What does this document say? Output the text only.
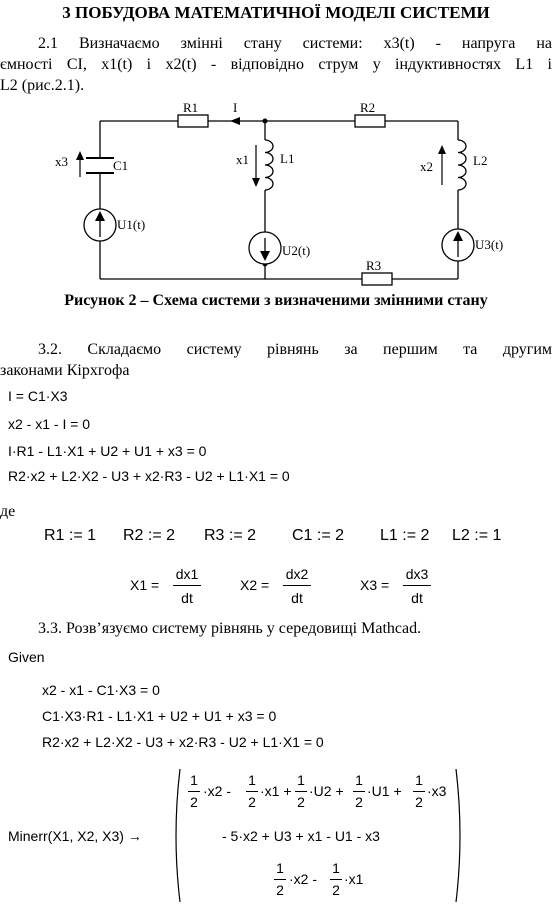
3 ПОБУДОВА МАТЕМАТИЧНОЇ МОДЕЛІ СИСТЕМИ
2.1 Визначаємо змінні стану системи: x3(t) - напруга на
ємності CI, x1(t) і x2(t) - відповідно струм у індуктивностях L1 і
L2 (рис.2.1).
R1	I	R2
R3
C1
x3	L1
x1	L2
x2
U1(t)
U2(t)	U3(t)
Рисунок 2 – Схема системи з визначеними змінними стану
3.2. Складаємо систему рівнянь за першим та другим
законами Кірхгофа
I = C1·X3
x2 - x1 - I = 0
I·R1 - L1·X1 + U2 + U1 + x3 = 0
R2·x2 + L2·X2 - U3 + x2·R3 - U2 + L1·X1 = 0
де
R1 := 1 R2 := 2 R3 := 2 C1 := 2 L1 := 2 L2 := 1
X1 =
dx1
dt
X2 =
dx2
dt
X3 =
dx3
dt
3.3. Розв’язуємо систему рівнянь у середовищі Mathcad.
Given
x2 - x1 - C1·X3 = 0
C1·X3·R1 - L1·X1 + U2 + U1 + x3 = 0
R2·x2 + L2·X2 - U3 + x2·R3 - U2 + L1·X1 = 0
Minerr(X1, X2, X3) →
1
2
·x2 -
1
2
·x1 +
1
2
·U2 +
1
2
·U1 +
1
2
·x3
- 5·x2 + U3 + x1 - U1 - x3
1
2
·x2 -
1
2
·x1
